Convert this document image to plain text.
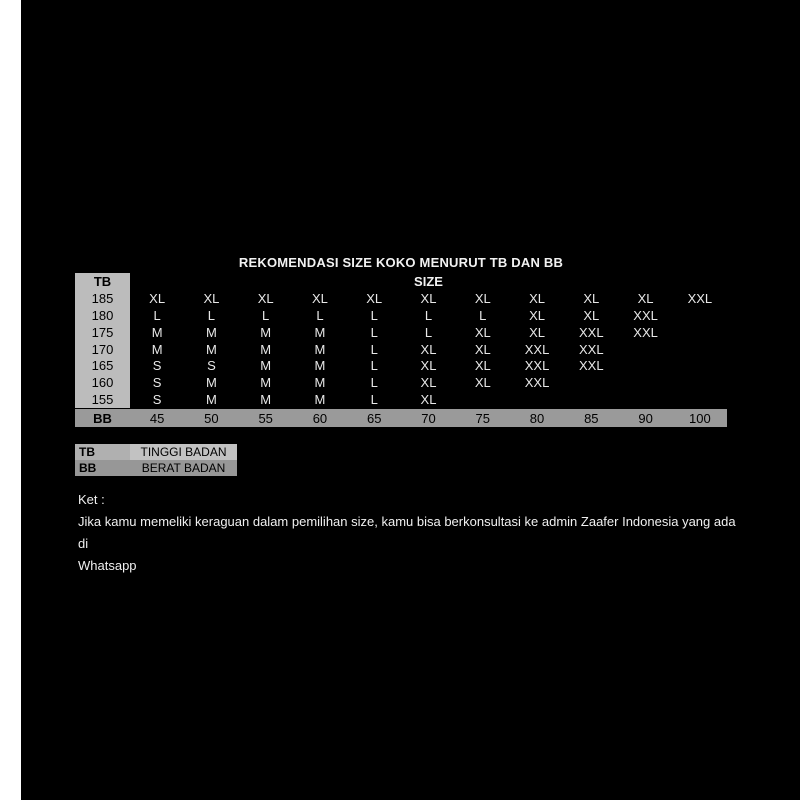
REKOMENDASI SIZE KOKO MENURUT TB DAN BB
TB	SIZE
185	XL	XL	XL	XL	XL	XL	XL	XL	XL	XL	XXL
180	L	L	L	L	L	L	L	XL	XL	XXL
175	M	M	M	M	L	L	XL	XL	XXL	XXL
170	M	M	M	M	L	XL	XL	XXL	XXL
165	S	S	M	M	L	XL	XL	XXL	XXL
160	S	M	M	M	L	XL	XL	XXL
155	S	M	M	M	L	XL
BB	45	50	55	60	65	70	75	80	85	90	100
TB	TINGGI BADAN
BB	BERAT BADAN
Ket :
Jika kamu memeliki keraguan dalam pemilihan size, kamu bisa berkonsultasi ke admin Zaafer Indonesia yang ada di
Whatsapp
